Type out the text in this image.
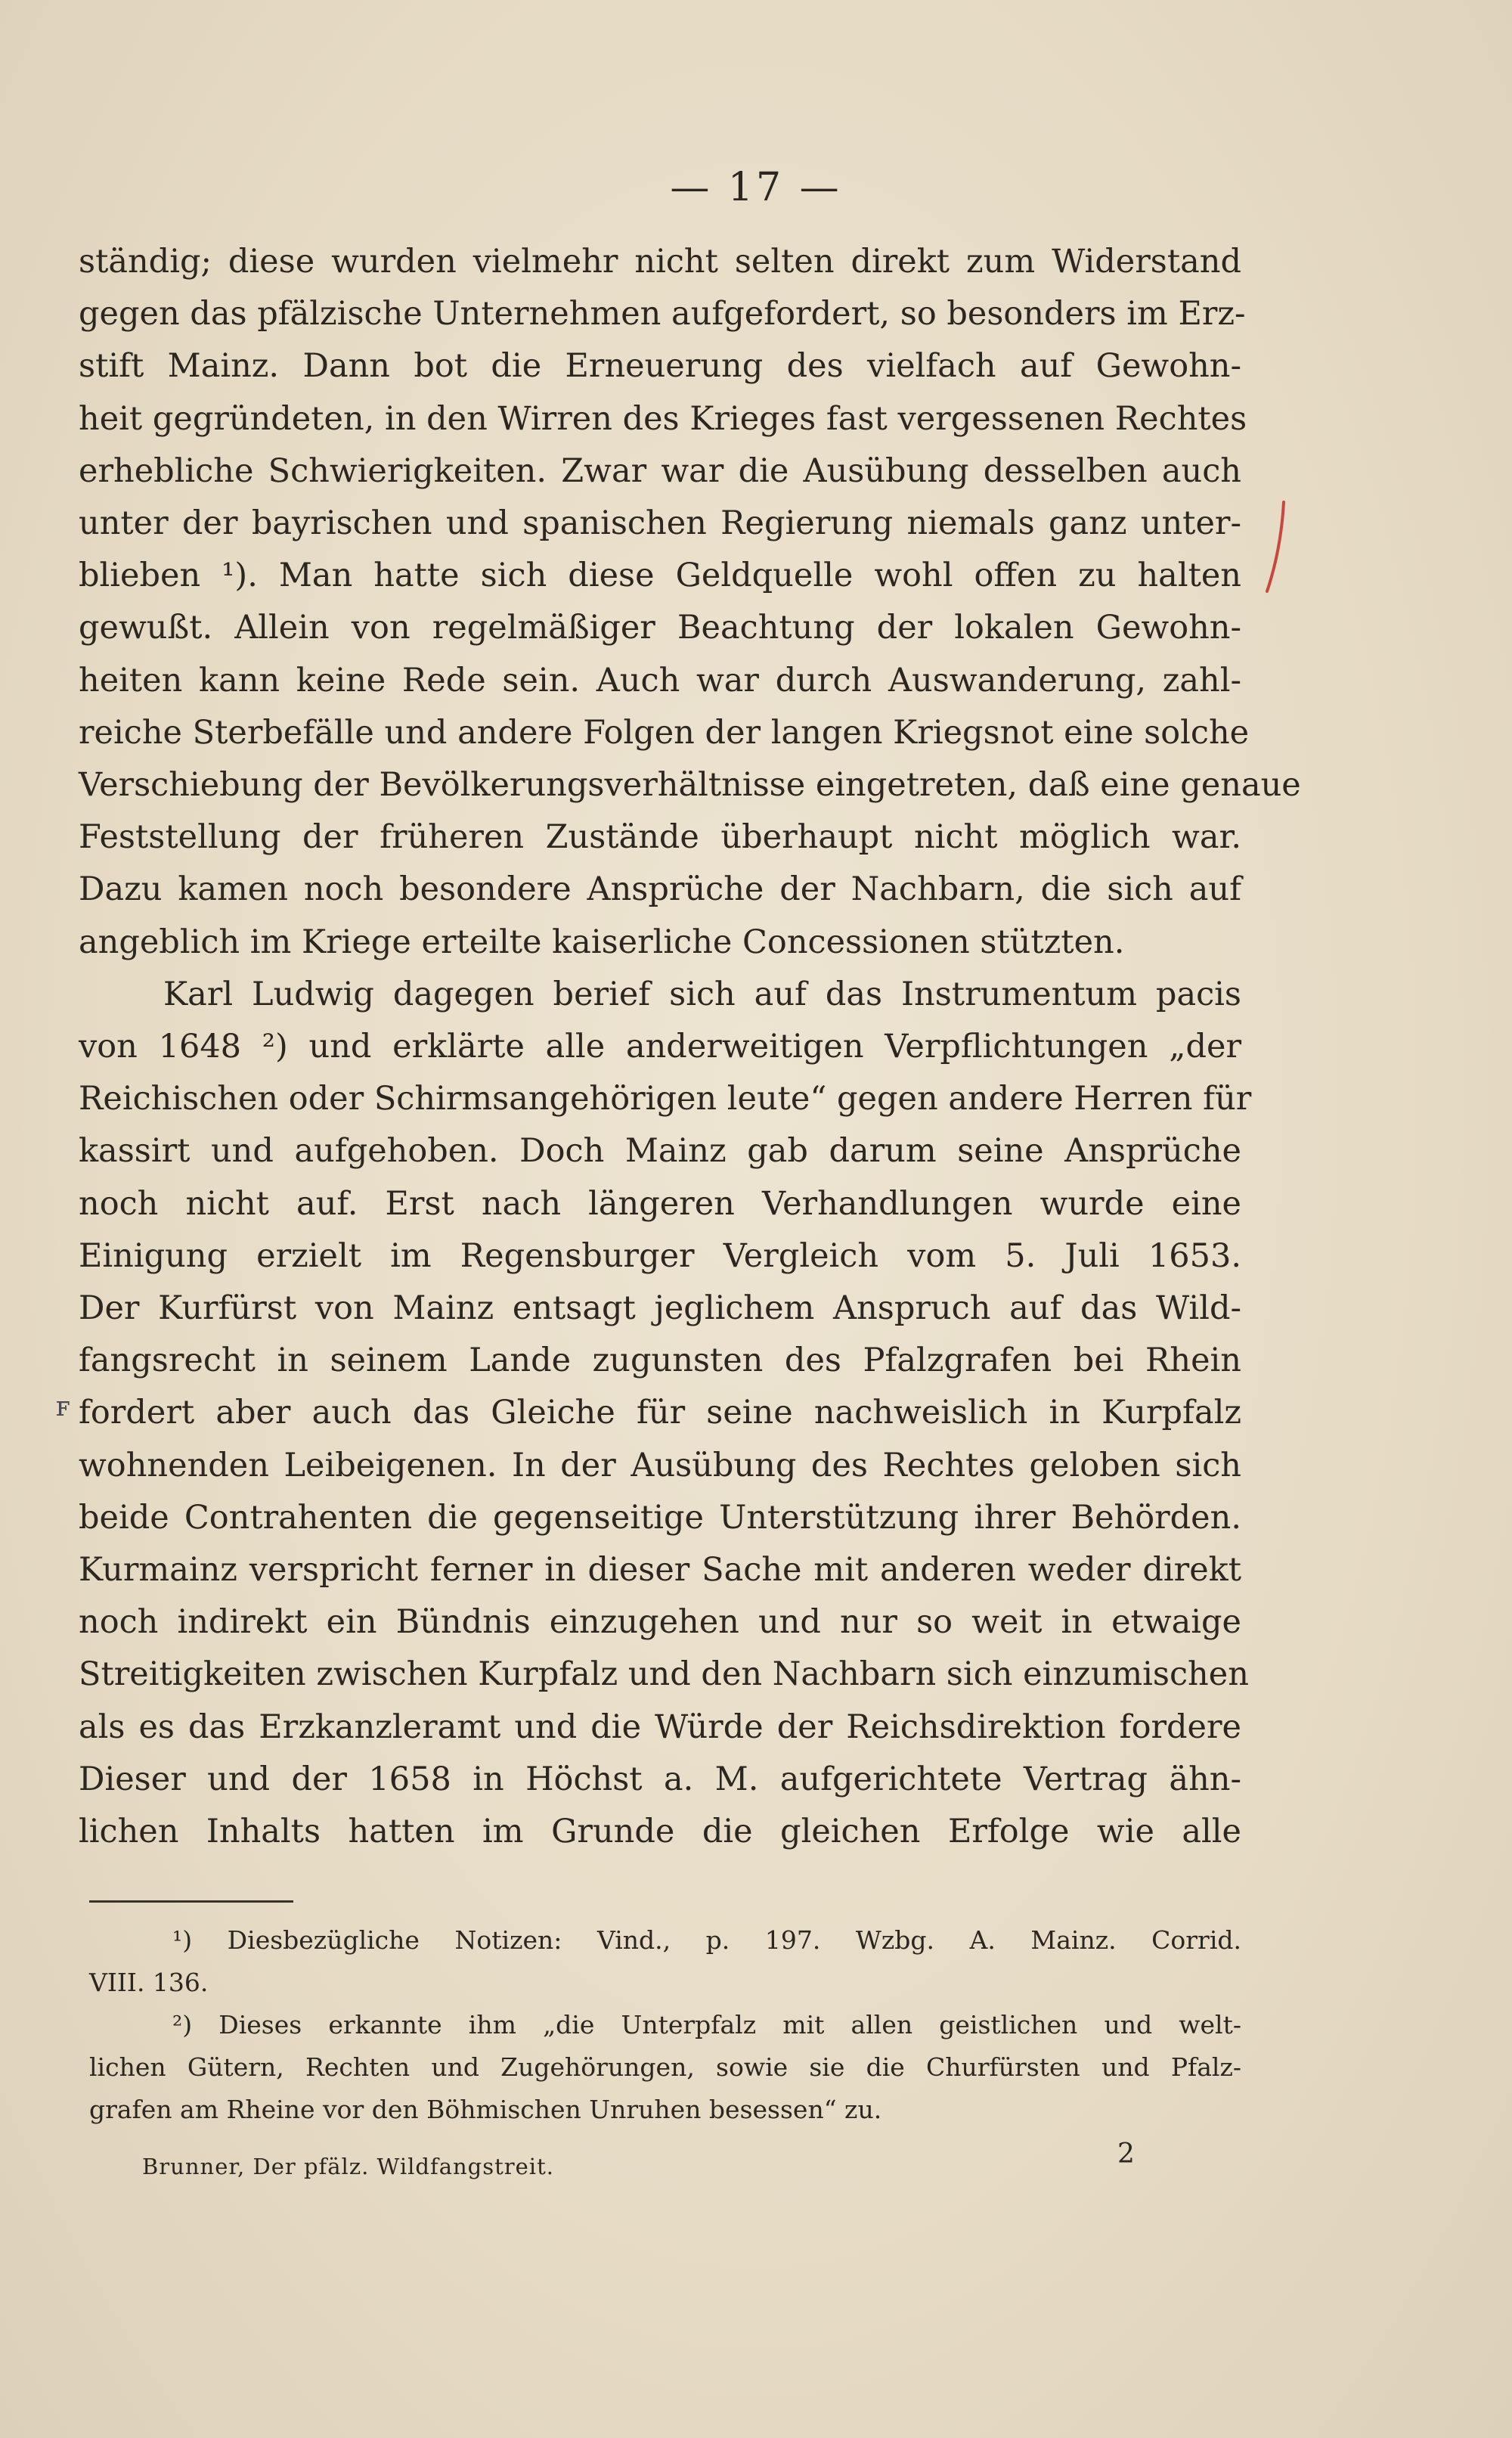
— 17 —
ständig; diese wurden vielmehr nicht selten direkt zum Widerstand
gegen das pfälzische Unternehmen aufgefordert, so besonders im Erz-
stift Mainz. Dann bot die Erneuerung des vielfach auf Gewohn-
heit gegründeten, in den Wirren des Krieges fast vergessenen Rechtes
erhebliche Schwierigkeiten. Zwar war die Ausübung desselben auch
unter der bayrischen und spanischen Regierung niemals ganz unter-
blieben ¹). Man hatte sich diese Geldquelle wohl offen zu halten
gewußt. Allein von regelmäßiger Beachtung der lokalen Gewohn-
heiten kann keine Rede sein. Auch war durch Auswanderung, zahl-
reiche Sterbefälle und andere Folgen der langen Kriegsnot eine solche
Verschiebung der Bevölkerungsverhältnisse eingetreten, daß eine genaue
Feststellung der früheren Zustände überhaupt nicht möglich war.
Dazu kamen noch besondere Ansprüche der Nachbarn, die sich auf
angeblich im Kriege erteilte kaiserliche Concessionen stützten.
Karl Ludwig dagegen berief sich auf das Instrumentum pacis
von 1648 ²) und erklärte alle anderweitigen Verpflichtungen „der
Reichischen oder Schirmsangehörigen leute“ gegen andere Herren für
kassirt und aufgehoben. Doch Mainz gab darum seine Ansprüche
noch nicht auf. Erst nach längeren Verhandlungen wurde eine
Einigung erzielt im Regensburger Vergleich vom 5. Juli 1653.
Der Kurfürst von Mainz entsagt jeglichem Anspruch auf das Wild-
fangsrecht in seinem Lande zugunsten des Pfalzgrafen bei Rhein
fordert aber auch das Gleiche für seine nachweislich in Kurpfalz
wohnenden Leibeigenen. In der Ausübung des Rechtes geloben sich
beide Contrahenten die gegenseitige Unterstützung ihrer Behörden.
Kurmainz verspricht ferner in dieser Sache mit anderen weder direkt
noch indirekt ein Bündnis einzugehen und nur so weit in etwaige
Streitigkeiten zwischen Kurpfalz und den Nachbarn sich einzumischen
als es das Erzkanzleramt und die Würde der Reichsdirektion fordere
Dieser und der 1658 in Höchst a. M. aufgerichtete Vertrag ähn-
lichen Inhalts hatten im Grunde die gleichen Erfolge wie alle
ꜰ
¹) Diesbezügliche Notizen: Vind., p. 197. Wzbg. A. Mainz. Corrid.
VIII. 136.
²) Dieses erkannte ihm „die Unterpfalz mit allen geistlichen und welt-
lichen Gütern, Rechten und Zugehörungen, sowie sie die Churfürsten und Pfalz-
grafen am Rheine vor den Böhmischen Unruhen besessen“ zu.
Brunner, Der pfälz. Wildfangstreit.	2
